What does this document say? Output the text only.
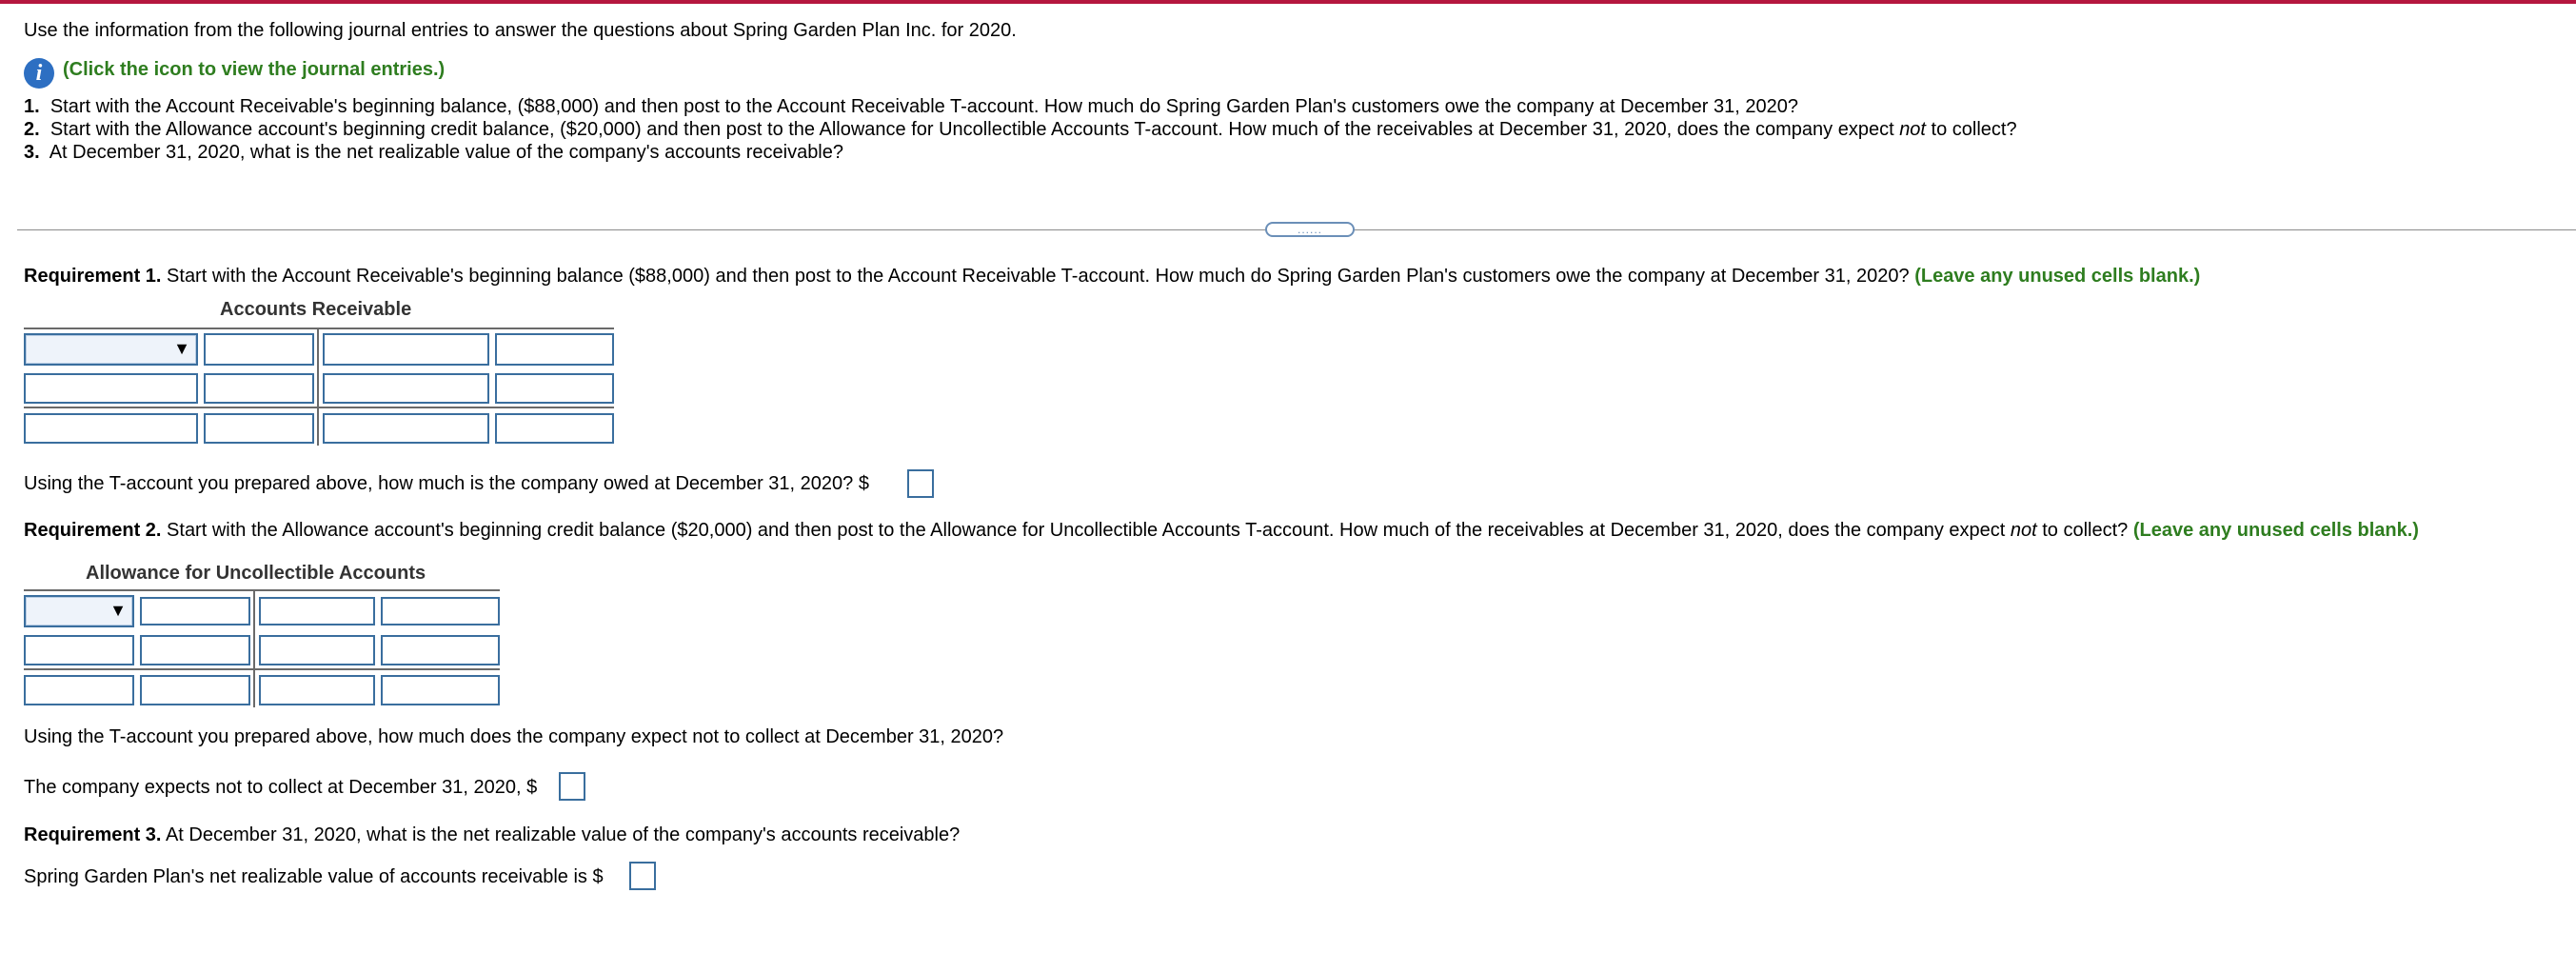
Use the information from the following journal entries to answer the questions about Spring Garden Plan Inc. for 2020.
i	(Click the icon to view the journal entries.)
1. Start with the Account Receivable's beginning balance, ($88,000) and then post to the Account Receivable T-account. How much do Spring Garden Plan's customers owe the company at December 31, 2020?
2. Start with the Allowance account's beginning credit balance, ($20,000) and then post to the Allowance for Uncollectible Accounts T-account. How much of the receivables at December 31, 2020, does the company expect not to collect?
3. At December 31, 2020, what is the net realizable value of the company's accounts receivable?
......
Requirement 1. Start with the Account Receivable's beginning balance ($88,000) and then post to the Account Receivable T-account. How much do Spring Garden Plan's customers owe the company at December 31, 2020? (Leave any unused cells blank.)
Accounts Receivable
▼
Using the T-account you prepared above, how much is the company owed at December 31, 2020? $
Requirement 2. Start with the Allowance account's beginning credit balance ($20,000) and then post to the Allowance for Uncollectible Accounts T-account. How much of the receivables at December 31, 2020, does the company expect not to collect? (Leave any unused cells blank.)
Allowance for Uncollectible Accounts
▼
Using the T-account you prepared above, how much does the company expect not to collect at December 31, 2020?
The company expects not to collect at December 31, 2020, $
Requirement 3. At December 31, 2020, what is the net realizable value of the company's accounts receivable?
Spring Garden Plan's net realizable value of accounts receivable is $
